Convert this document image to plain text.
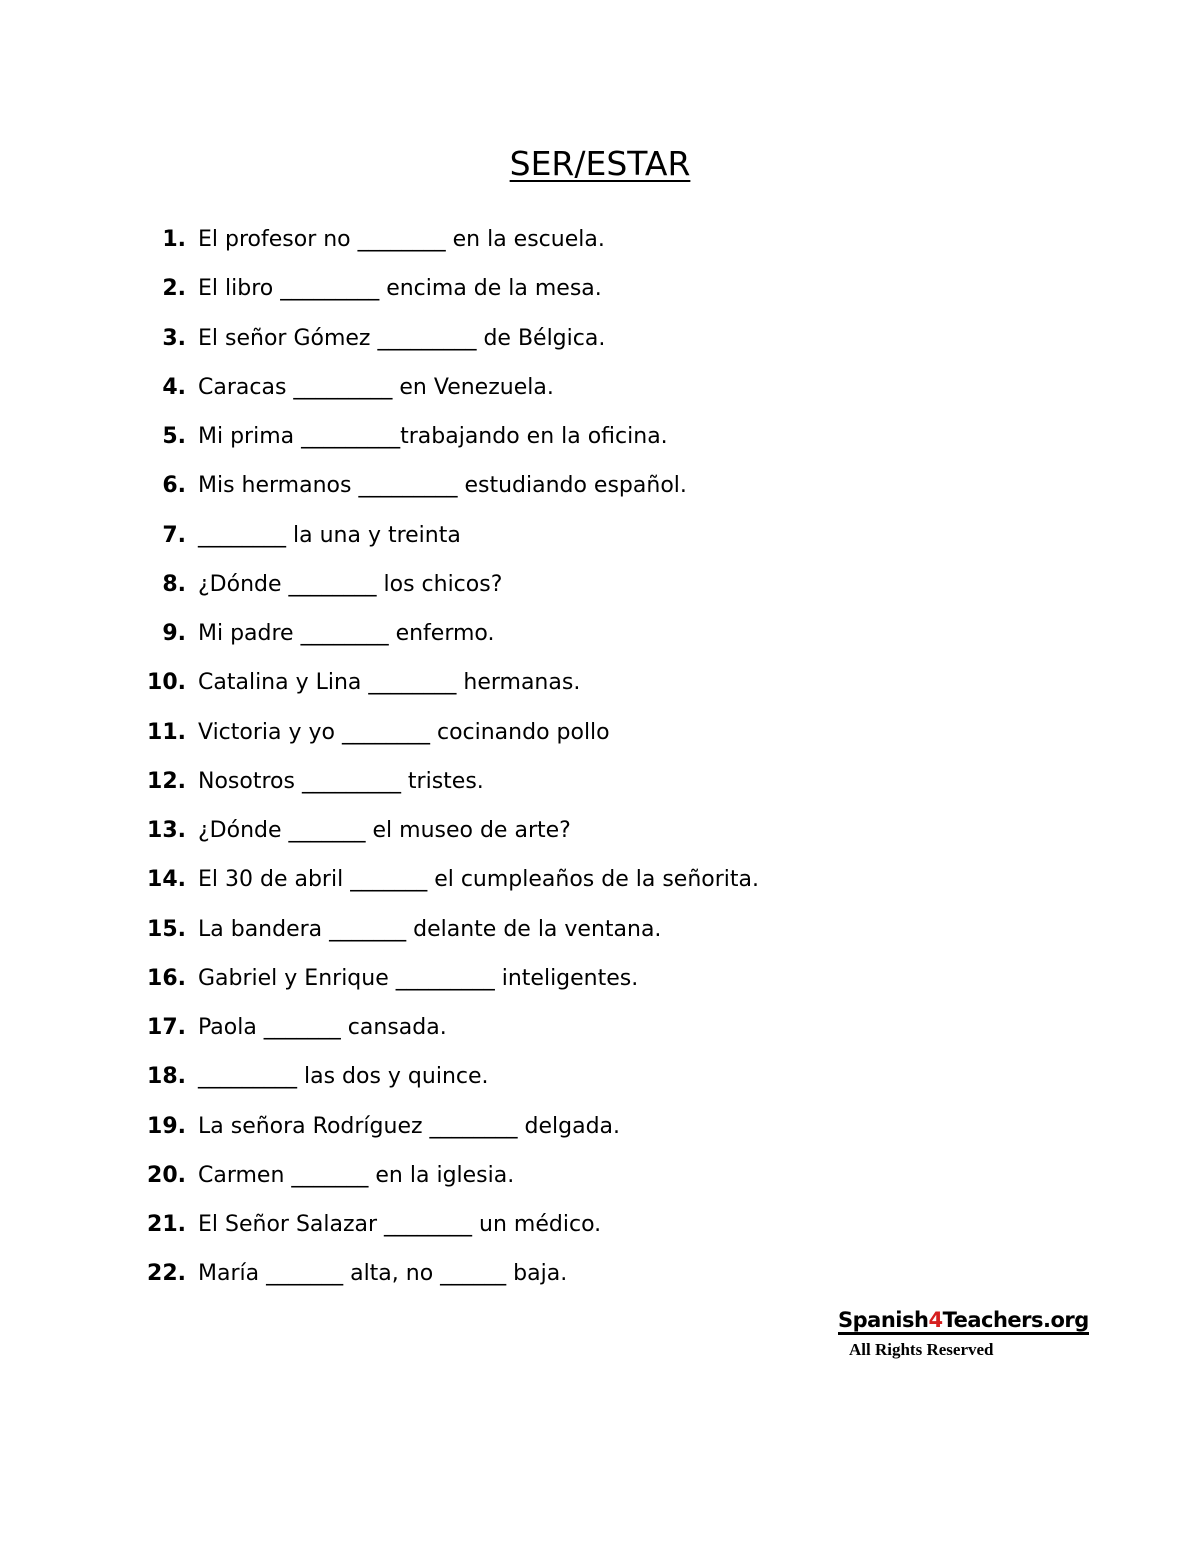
SER/ESTAR
1. El profesor no ________ en la escuela.
2. El libro _________ encima de la mesa.
3. El señor Gómez _________ de Bélgica.
4. Caracas _________ en Venezuela.
5. Mi prima _________trabajando en la oficina.
6. Mis hermanos _________ estudiando español.
7. ________ la una y treinta
8. ¿Dónde ________ los chicos?
9. Mi padre ________ enfermo.
10. Catalina y Lina ________ hermanas.
11. Victoria y yo ________ cocinando pollo
12. Nosotros _________ tristes.
13. ¿Dónde _______ el museo de arte?
14. El 30 de abril _______ el cumpleaños de la señorita.
15. La bandera _______ delante de la ventana.
16. Gabriel y Enrique _________ inteligentes.
17. Paola _______ cansada.
18. _________ las dos y quince.
19. La señora Rodríguez ________ delgada.
20. Carmen _______ en la iglesia.
21. El Señor Salazar ________ un médico.
22. María _______ alta, no ______ baja.
Spanish4Teachers.org
All Rights Reserved
